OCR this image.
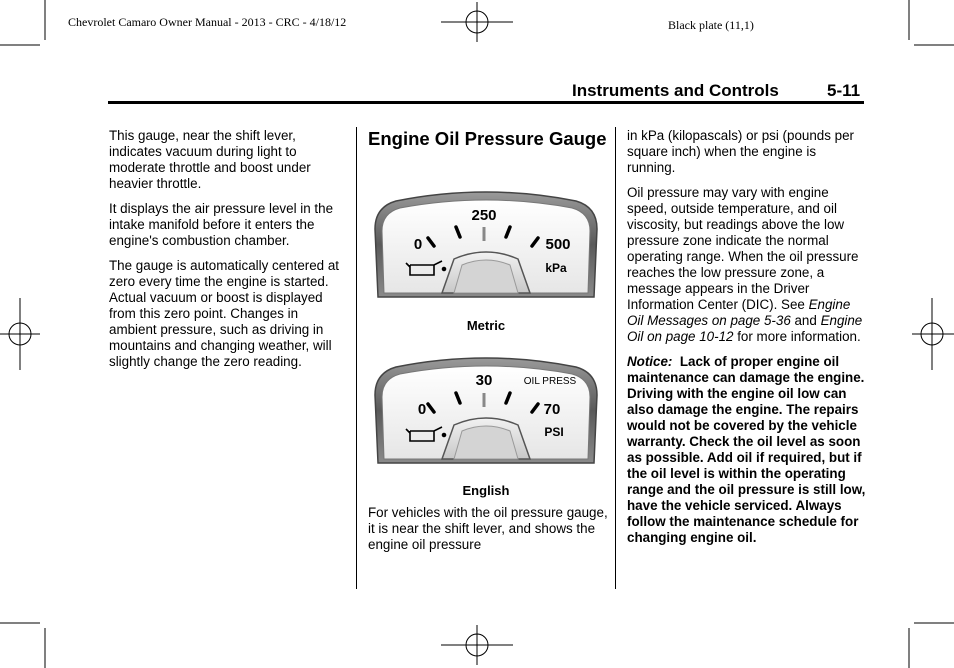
Chevrolet Camaro Owner Manual - 2013 - CRC - 4/18/12	Black plate (11,1)
Instruments and Controls	5-11

This gauge, near the shift lever, indicates vacuum during light to moderate throttle and boost under heavier throttle.

It displays the air pressure level in the intake manifold before it enters the engine's combustion chamber.

The gauge is automatically centered at zero every time the engine is started. Actual vacuum or boost is displayed from this zero point. Changes in ambient pressure, such as driving in mountains and changing weather, will slightly change the zero reading.

Engine Oil Pressure Gauge
0
250
500
kPa
Metric
0
30	OIL PRESS
70
PSI
English

For vehicles with the oil pressure gauge, it is near the shift lever, and shows the engine oil pressure

in kPa (kilopascals) or psi (pounds per square inch) when the engine is running.

Oil pressure may vary with engine speed, outside temperature, and oil viscosity, but readings above the low pressure zone indicate the normal operating range. When the oil pressure reaches the low pressure zone, a message appears in the Driver Information Center (DIC). See Engine Oil Messages on page 5-36 and Engine Oil on page 10-12 for more information.

Notice: Lack of proper engine oil maintenance can damage the engine. Driving with the engine oil low can also damage the engine. The repairs would not be covered by the vehicle warranty. Check the oil level as soon as possible. Add oil if required, but if the oil level is within the operating range and the oil pressure is still low, have the vehicle serviced. Always follow the maintenance schedule for changing engine oil.
